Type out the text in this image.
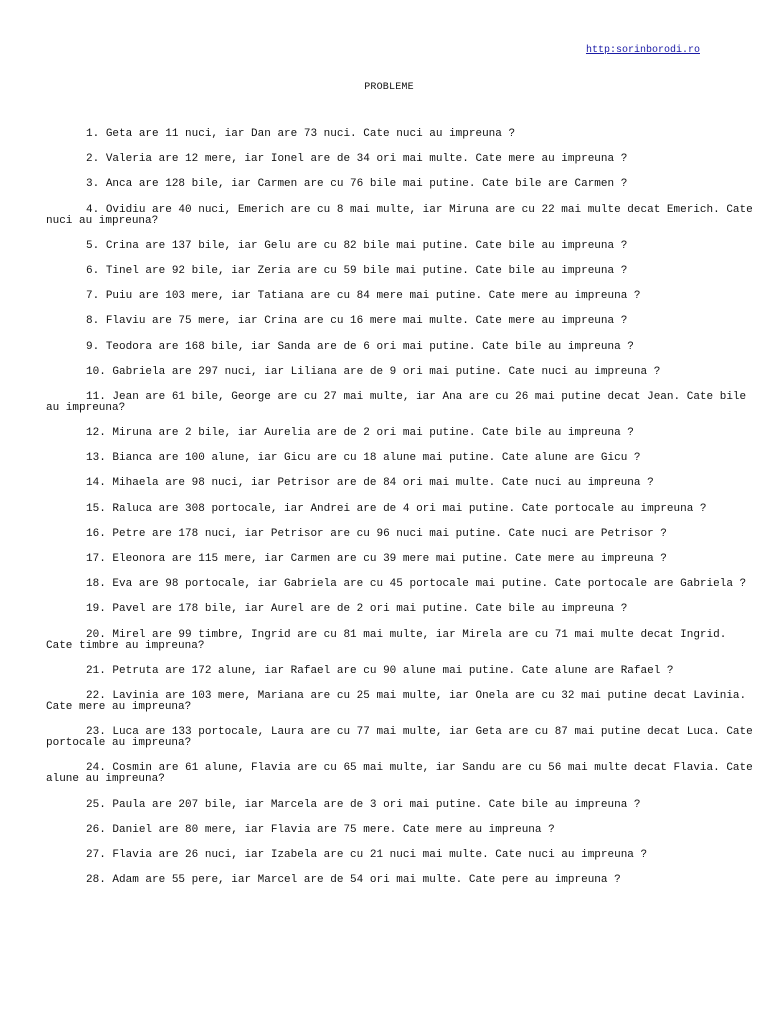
http:sorinborodi.ro
PROBLEME
1. Geta are 11 nuci, iar Dan are 73 nuci. Cate nuci au impreuna ?
2. Valeria are 12 mere, iar Ionel are de 34 ori mai multe. Cate mere au impreuna ?
3. Anca are 128 bile, iar Carmen are cu 76 bile mai putine. Cate bile are Carmen ?
4. Ovidiu are 40 nuci, Emerich are cu 8 mai multe, iar Miruna are cu 22 mai multe decat Emerich. Cate nuci au impreuna?
5. Crina are 137 bile, iar Gelu are cu 82 bile mai putine. Cate bile au impreuna ?
6. Tinel are 92 bile, iar Zeria are cu 59 bile mai putine. Cate bile au impreuna ?
7. Puiu are 103 mere, iar Tatiana are cu 84 mere mai putine. Cate mere au impreuna ?
8. Flaviu are 75 mere, iar Crina are cu 16 mere mai multe. Cate mere au impreuna ?
9. Teodora are 168 bile, iar Sanda are de 6 ori mai putine. Cate bile au impreuna ?
10. Gabriela are 297 nuci, iar Liliana are de 9 ori mai putine. Cate nuci au impreuna ?
11. Jean are 61 bile, George are cu 27 mai multe, iar Ana are cu 26 mai putine decat Jean. Cate bile au impreuna?
12. Miruna are 2 bile, iar Aurelia are de 2 ori mai putine. Cate bile au impreuna ?
13. Bianca are 100 alune, iar Gicu are cu 18 alune mai putine. Cate alune are Gicu ?
14. Mihaela are 98 nuci, iar Petrisor are de 84 ori mai multe. Cate nuci au impreuna ?
15. Raluca are 308 portocale, iar Andrei are de 4 ori mai putine. Cate portocale au impreuna ?
16. Petre are 178 nuci, iar Petrisor are cu 96 nuci mai putine. Cate nuci are Petrisor ?
17. Eleonora are 115 mere, iar Carmen are cu 39 mere mai putine. Cate mere au impreuna ?
18. Eva are 98 portocale, iar Gabriela are cu 45 portocale mai putine. Cate portocale are Gabriela ?
19. Pavel are 178 bile, iar Aurel are de 2 ori mai putine. Cate bile au impreuna ?
20. Mirel are 99 timbre, Ingrid are cu 81 mai multe, iar Mirela are cu 71 mai multe decat Ingrid. Cate timbre au impreuna?
21. Petruta are 172 alune, iar Rafael are cu 90 alune mai putine. Cate alune are Rafael ?
22. Lavinia are 103 mere, Mariana are cu 25 mai multe, iar Onela are cu 32 mai putine decat Lavinia. Cate mere au impreuna?
23. Luca are 133 portocale, Laura are cu 77 mai multe, iar Geta are cu 87 mai putine decat Luca. Cate portocale au impreuna?
24. Cosmin are 61 alune, Flavia are cu 65 mai multe, iar Sandu are cu 56 mai multe decat Flavia. Cate alune au impreuna?
25. Paula are 207 bile, iar Marcela are de 3 ori mai putine. Cate bile au impreuna ?
26. Daniel are 80 mere, iar Flavia are 75 mere. Cate mere au impreuna ?
27. Flavia are 26 nuci, iar Izabela are cu 21 nuci mai multe. Cate nuci au impreuna ?
28. Adam are 55 pere, iar Marcel are de 54 ori mai multe. Cate pere au impreuna ?
